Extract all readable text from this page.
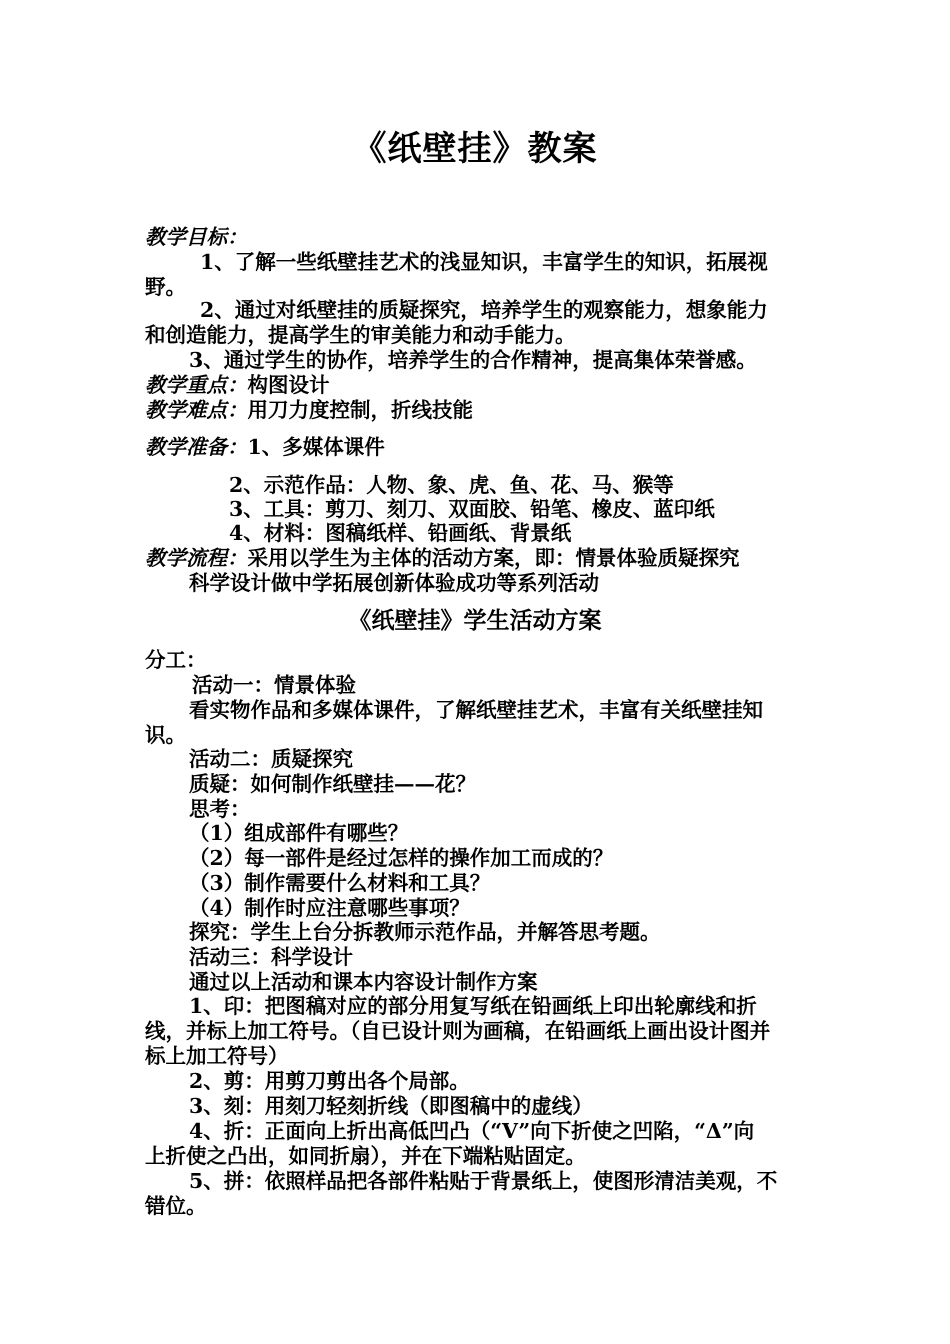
《纸壁挂》教案
教学目标：
1、了解一些纸壁挂艺术的浅显知识，丰富学生的知识，拓展视
野。
2、通过对纸壁挂的质疑探究，培养学生的观察能力，想象能力
和创造能力，提高学生的审美能力和动手能力。
3、通过学生的协作，培养学生的合作精神，提高集体荣誉感。
教学重点：构图设计
教学难点：用刀力度控制，折线技能
教学准备：1、多媒体课件
2、示范作品：人物、象、虎、鱼、花、马、猴等
3、工具：剪刀、刻刀、双面胶、铅笔、橡皮、蓝印纸
4、材料：图稿纸样、铅画纸、背景纸
教学流程：采用以学生为主体的活动方案，即：情景体验质疑探究
科学设计做中学拓展创新体验成功等系列活动
《纸壁挂》学生活动方案
分工：
活动一：情景体验
看实物作品和多媒体课件，了解纸壁挂艺术，丰富有关纸壁挂知
识。
活动二：质疑探究
质疑：如何制作纸壁挂——花？
思考：
（1）组成部件有哪些？
（2）每一部件是经过怎样的操作加工而成的？
（3）制作需要什么材料和工具？
（4）制作时应注意哪些事项？
探究：学生上台分拆教师示范作品，并解答思考题。
活动三：科学设计
通过以上活动和课本内容设计制作方案
1、印：把图稿对应的部分用复写纸在铅画纸上印出轮廓线和折
线，并标上加工符号。（自已设计则为画稿，在铅画纸上画出设计图并
标上加工符号）
2、剪：用剪刀剪出各个局部。
3、刻：用刻刀轻刻折线（即图稿中的虚线）
4、折：正面向上折出高低凹凸（“V”向下折使之凹陷，“Δ”向
上折使之凸出，如同折扇），并在下端粘贴固定。
5、拼：依照样品把各部件粘贴于背景纸上，使图形清洁美观，不
错位。
